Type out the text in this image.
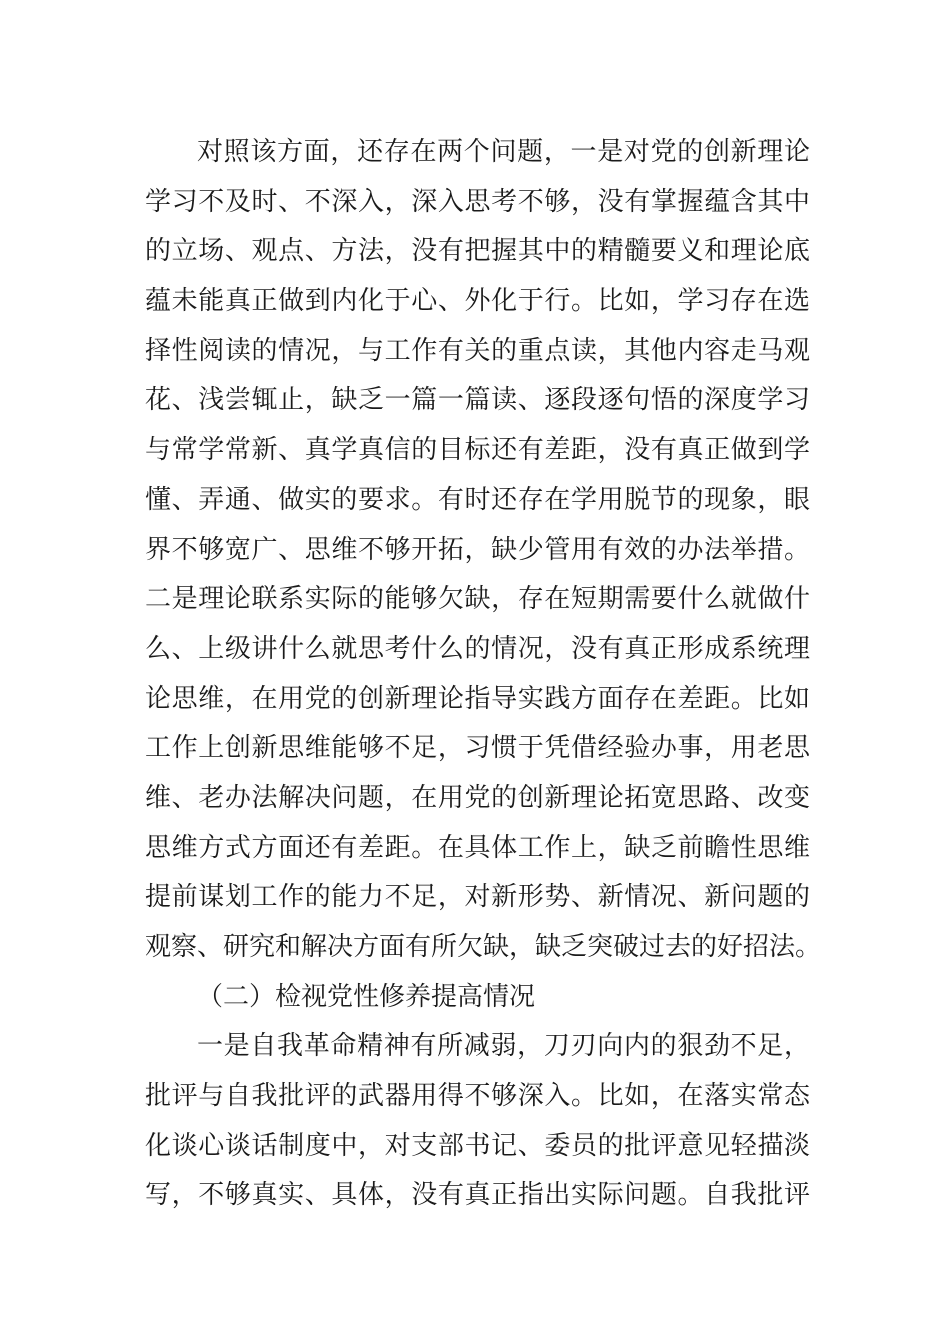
对照该方面，还存在两个问题，一是对党的创新理论
学习不及时、不深入，深入思考不够，没有掌握蕴含其中
的立场、观点、方法，没有把握其中的精髓要义和理论底
蕴未能真正做到内化于心、外化于行。比如，学习存在选
择性阅读的情况，与工作有关的重点读，其他内容走马观
花、浅尝辄止，缺乏一篇一篇读、逐段逐句悟的深度学习
与常学常新、真学真信的目标还有差距，没有真正做到学
懂、弄通、做实的要求。有时还存在学用脱节的现象，眼
界不够宽广、思维不够开拓，缺少管用有效的办法举措。
二是理论联系实际的能够欠缺，存在短期需要什么就做什
么、上级讲什么就思考什么的情况，没有真正形成系统理
论思维，在用党的创新理论指导实践方面存在差距。比如
工作上创新思维能够不足，习惯于凭借经验办事，用老思
维、老办法解决问题，在用党的创新理论拓宽思路、改变
思维方式方面还有差距。在具体工作上，缺乏前瞻性思维
提前谋划工作的能力不足，对新形势、新情况、新问题的
观察、研究和解决方面有所欠缺，缺乏突破过去的好招法。
（二）检视党性修养提高情况
一是自我革命精神有所减弱，刀刃向内的狠劲不足，
批评与自我批评的武器用得不够深入。比如，在落实常态
化谈心谈话制度中，对支部书记、委员的批评意见轻描淡
写，不够真实、具体，没有真正指出实际问题。自我批评
